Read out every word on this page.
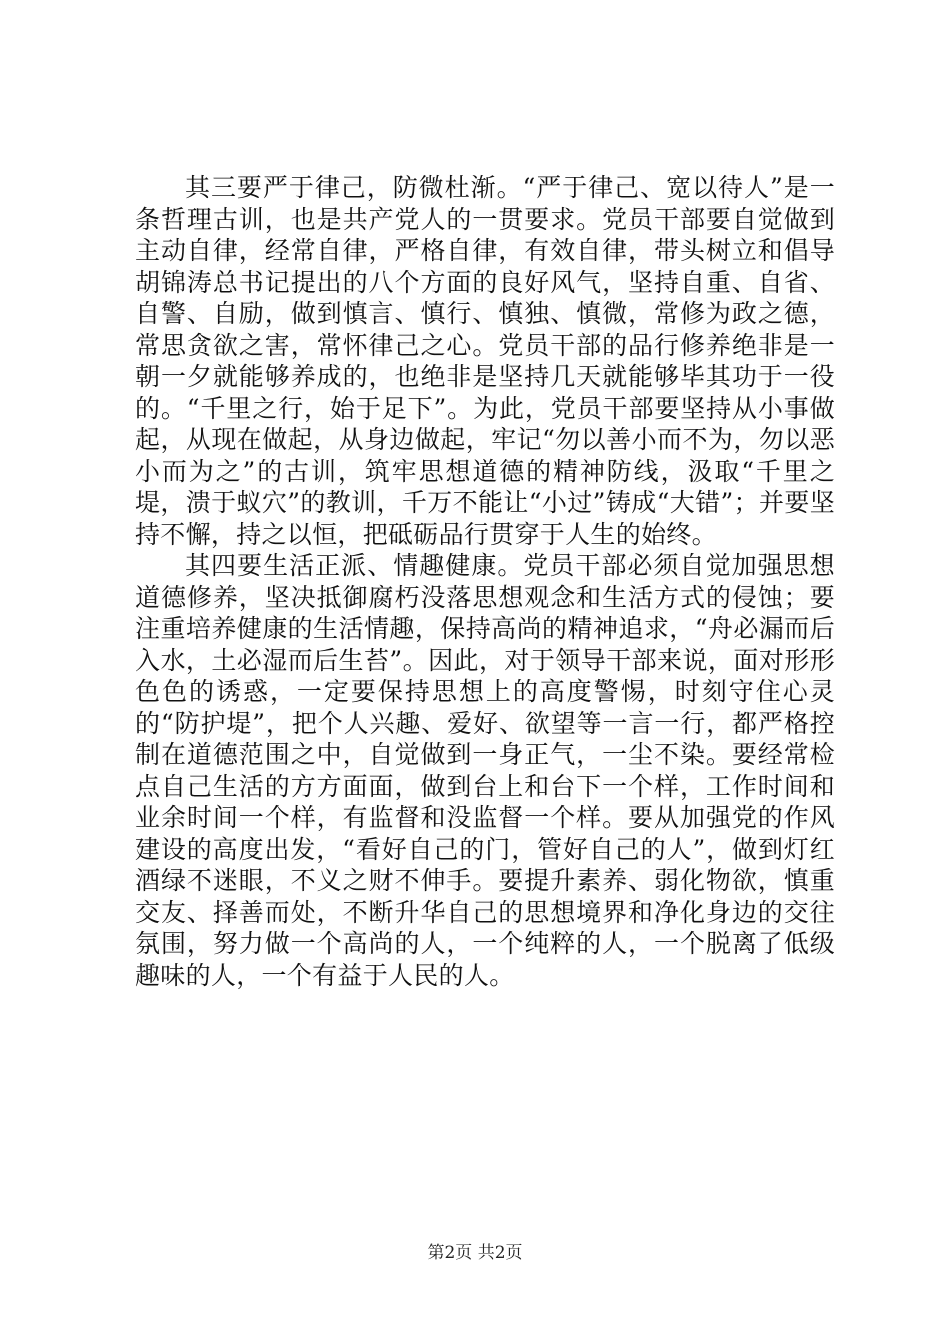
其三要严于律己，防微杜渐。“严于律己、宽以待人”是一条哲理古训，也是共产党人的一贯要求。党员干部要自觉做到主动自律，经常自律，严格自律，有效自律，带头树立和倡导胡锦涛总书记提出的八个方面的良好风气，坚持自重、自省、自警、自励，做到慎言、慎行、慎独、慎微，常修为政之德，常思贪欲之害，常怀律己之心。党员干部的品行修养绝非是一朝一夕就能够养成的，也绝非是坚持几天就能够毕其功于一役的。“千里之行，始于足下”。为此，党员干部要坚持从小事做起，从现在做起，从身边做起，牢记“勿以善小而不为，勿以恶小而为之”的古训，筑牢思想道德的精神防线，汲取“千里之堤，溃于蚁穴”的教训，千万不能让“小过”铸成“大错”；并要坚持不懈，持之以恒，把砥砺品行贯穿于人生的始终。

其四要生活正派、情趣健康。党员干部必须自觉加强思想道德修养，坚决抵御腐朽没落思想观念和生活方式的侵蚀；要注重培养健康的生活情趣，保持高尚的精神追求，“舟必漏而后入水，土必湿而后生苔”。因此，对于领导干部来说，面对形形色色的诱惑，一定要保持思想上的高度警惕，时刻守住心灵的“防护堤”，把个人兴趣、爱好、欲望等一言一行，都严格控制在道德范围之中，自觉做到一身正气，一尘不染。要经常检点自己生活的方方面面，做到台上和台下一个样，工作时间和业余时间一个样，有监督和没监督一个样。要从加强党的作风建设的高度出发，“看好自己的门，管好自己的人”，做到灯红酒绿不迷眼，不义之财不伸手。要提升素养、弱化物欲，慎重交友、择善而处，不断升华自己的思想境界和净化身边的交往氛围，努力做一个高尚的人，一个纯粹的人，一个脱离了低级趣味的人，一个有益于人民的人。

第2页 共2页
